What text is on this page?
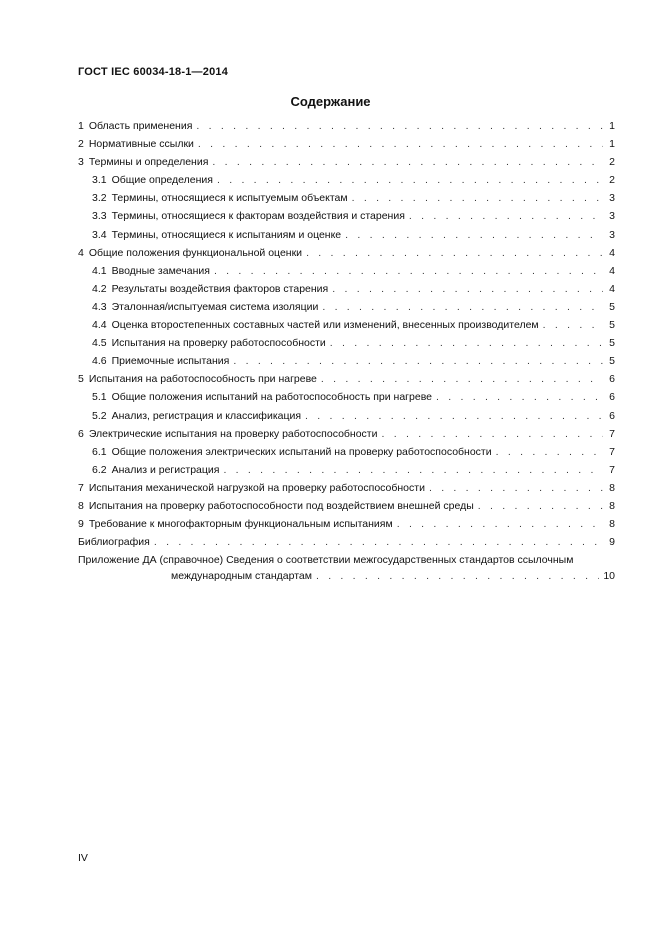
ГОСТ IEC 60034-18-1—2014
Содержание
1 Область применения . . .	1
2 Нормативные ссылки . . .	1
3 Термины и определения . . .	2
3.1 Общие определения . . .	2
3.2 Термины, относящиеся к испытуемым объектам . . .	3
3.3 Термины, относящиеся к факторам воздействия и старения . . .	3
3.4 Термины, относящиеся к испытаниям и оценке . . .	3
4 Общие положения функциональной оценки . . .	4
4.1 Вводные замечания . . .	4
4.2 Результаты воздействия факторов старения . . .	4
4.3 Эталонная/испытуемая система изоляции . . .	5
4.4 Оценка второстепенных составных частей или изменений, внесенных производителем . . .	5
4.5 Испытания на проверку работоспособности . . .	5
4.6 Приемочные испытания . . .	5
5 Испытания на работоспособность при нагреве . . .	6
5.1 Общие положения испытаний на работоспособность при нагреве . . .	6
5.2 Анализ, регистрация и классификация . . .	6
6 Электрические испытания на проверку работоспособности . . .	7
6.1 Общие положения электрических испытаний на проверку работоспособности . . .	7
6.2 Анализ и регистрация . . .	7
7 Испытания механической нагрузкой на проверку работоспособности . . .	8
8 Испытания на проверку работоспособности под воздействием внешней среды . . .	8
9 Требование к многофакторным функциональным испытаниям . . .	8
Библиография . . .	9
Приложение ДА (справочное) Сведения о соответствии межгосударственных стандартов ссылочным
международным стандартам . . .	10
IV
